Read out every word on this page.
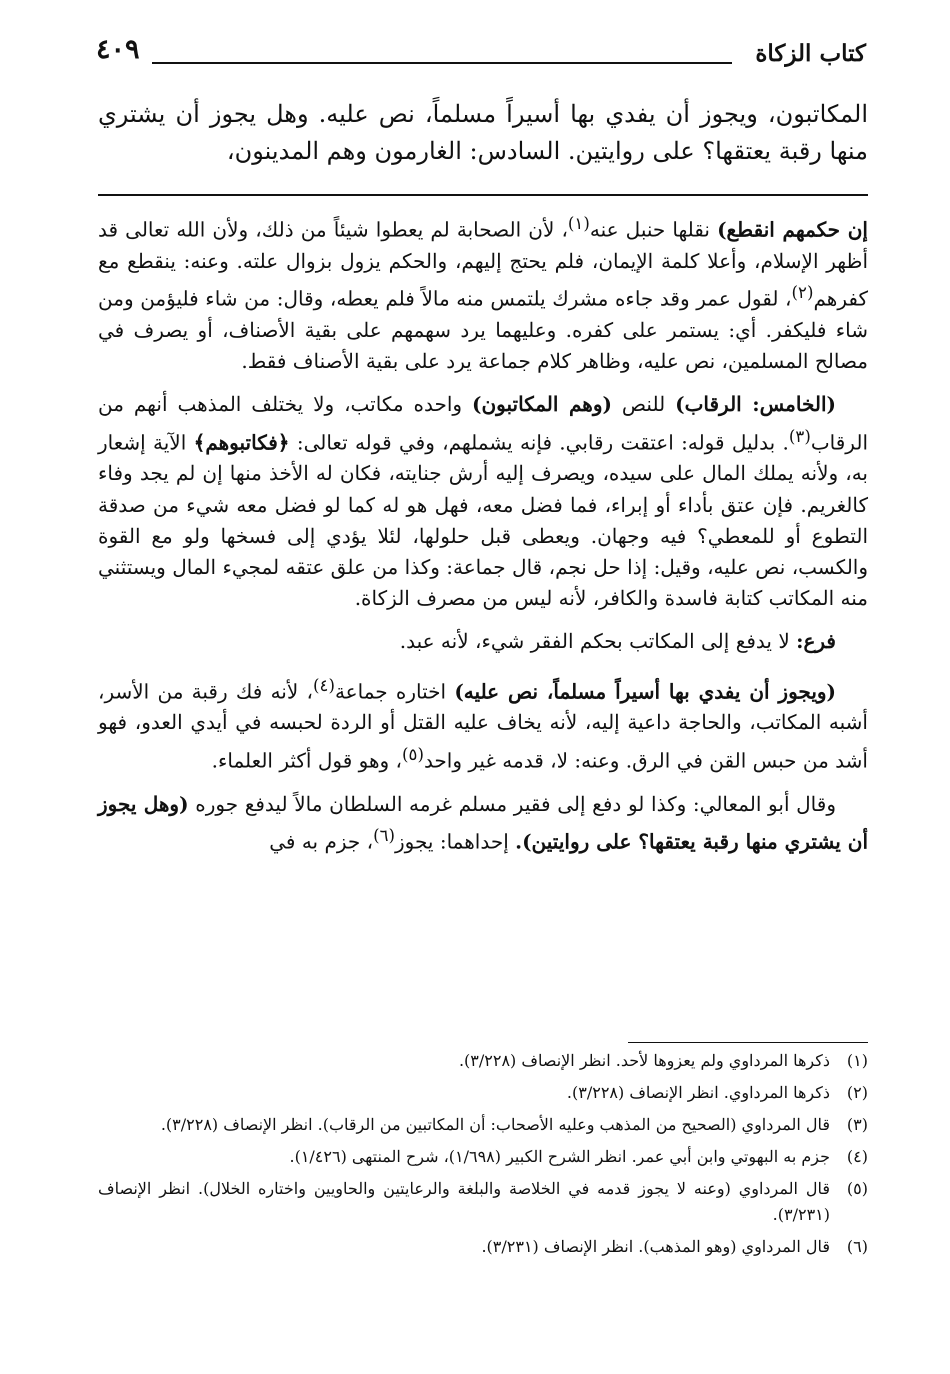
كتاب الزكاة
٤٠٩

المكاتبون، ويجوز أن يفدي بها أسيراً مسلماً، نص عليه. وهل يجوز أن يشتري منها رقبة يعتقها؟ على روايتين. السادس: الغارمون وهم المدينون،

إن حكمهم انقطع) نقلها حنبل عنه$^{(١)}$، لأن الصحابة لم يعطوا شيئاً من ذلك، ولأن الله تعالى قد أظهر الإسلام، وأعلا كلمة الإيمان، فلم يحتج إليهم، والحكم يزول بزوال علته. وعنه: ينقطع مع كفرهم$^{(٢)}$، لقول عمر وقد جاءه مشرك يلتمس منه مالاً فلم يعطه، وقال: من شاء فليؤمن ومن شاء فليكفر. أي: يستمر على كفره. وعليهما يرد سهمهم على بقية الأصناف، أو يصرف في مصالح المسلمين، نص عليه، وظاهر كلام جماعة يرد على بقية الأصناف فقط.

(الخامس: الرقاب) للنص (وهم المكاتبون) واحده مكاتب، ولا يختلف المذهب أنهم من الرقاب$^{(٣)}$. بدليل قوله: اعتقت رقابي. فإنه يشملهم، وفي قوله تعالى: ﴿فكاتبوهم﴾ الآية إشعار به، ولأنه يملك المال على سيده، ويصرف إليه أرش جنايته، فكان له الأخذ منها إن لم يجد وفاء كالغريم. فإن عتق بأداء أو إبراء، فما فضل معه، فهل هو له كما لو فضل معه شيء من صدقة التطوع أو للمعطي؟ فيه وجهان. ويعطى قبل حلولها، لئلا يؤدي إلى فسخها ولو مع القوة والكسب، نص عليه، وقيل: إذا حل نجم، قال جماعة: وكذا من علق عتقه لمجيء المال ويستثني منه المكاتب كتابة فاسدة والكافر، لأنه ليس من مصرف الزكاة.

فرع: لا يدفع إلى المكاتب بحكم الفقر شيء، لأنه عبد.

(ويجوز أن يفدي بها أسيراً مسلماً، نص عليه) اختاره جماعة$^{(٤)}$، لأنه فك رقبة من الأسر، أشبه المكاتب، والحاجة داعية إليه، لأنه يخاف عليه القتل أو الردة لحبسه في أيدي العدو، فهو أشد من حبس القن في الرق. وعنه: لا، قدمه غير واحد$^{(٥)}$، وهو قول أكثر العلماء.

وقال أبو المعالي: وكذا لو دفع إلى فقير مسلم غرمه السلطان مالاً ليدفع جوره (وهل يجوز أن يشتري منها رقبة يعتقها؟ على روايتين). إحداهما: يجوز$^{(٦)}$، جزم به في

(١)
ذكرها المرداوي ولم يعزوها لأحد. انظر الإنصاف (٣/٢٢٨).
(٢)
ذكرها المرداوي. انظر الإنصاف (٣/٢٢٨).
(٣)
قال المرداوي (الصحيح من المذهب وعليه الأصحاب: أن المكاتبين من الرقاب). انظر الإنصاف (٣/٢٢٨).
(٤)
جزم به البهوتي وابن أبي عمر. انظر الشرح الكبير (١/٦٩٨)، شرح المنتهى (١/٤٢٦).
(٥)
قال المرداوي (وعنه لا يجوز قدمه في الخلاصة والبلغة والرعايتين والحاويين واختاره الخلال). انظر الإنصاف (٣/٢٣١).
(٦)
قال المرداوي (وهو المذهب). انظر الإنصاف (٣/٢٣١).
